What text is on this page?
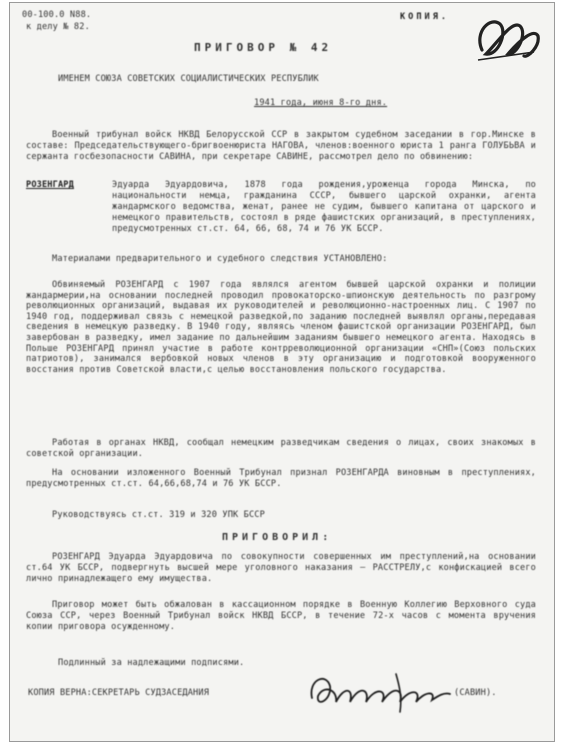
00-100.0 N88.
к делу № 82.
КОПИЯ.
ПРИГОВОР № 42
ИМЕНЕМ СОЮЗА СОВЕТСКИХ СОЦИАЛИСТИЧЕСКИХ РЕСПУБЛИК
1941 года, июня 8-го дня.
Военный трибунал войск НКВД Белорусской ССР в закрытом судебном заседании в гор.Минске в составе: Председательствующего-бригвоенюриста НАГОВА, членов:военного юриста 1 ранга ГОЛУБЬВА и сержанта госбезопасности САВИНА, при секретаре САВИНЕ, рассмотрел дело по обвинению:
РОЗЕНГАРД	Эдуарда Эдуардовича, 1878 года рождения,уроженца города Минска, по национальности немца, гражданина СССР, бывшего царской охранки, агента жандармского ведомства, женат, ранее не судим, бывшего капитана от царского и немецкого правительств, состоял в ряде фашистских организаций, в преступлениях, предусмотренных ст.ст. 64, 66, 68, 74 и 76 УК БССР.
Материалами предварительного и судебного следствия УСТАНОВЛЕНО:
Обвиняемый РОЗЕНГАРД с 1907 года являлся агентом бывшей царской охранки и полиции жандармерии,на основании последней проводил провокаторско-шпионскую деятельность по разгрому революционных организаций, выдавая их руководителей и революционно-настроенных лиц. С 1907 по 1940 год, поддерживал связь с немецкой разведкой,по заданию последней выявлял органы,передавая сведения в немецкую разведку. В 1940 году, являясь членом фашистской организации РОЗЕНГАРД, был завербован в разведку, имел задание по дальнейшим заданиям бывшего немецкого агента. Находясь в Польше РОЗЕНГАРД принял участие в работе контрреволюционной организации «СНП»(Союз польских патриотов), занимался вербовкой новых членов в эту организацию и подготовкой вооруженного восстания против Советской власти,с целью восстановления польского государства.
Работая в органах НКВД, сообщал немецким разведчикам сведения о лицах, своих знакомых в советской организации.
На основании изложенного Военный Трибунал признал РОЗЕНГАРДА виновным в преступлениях, предусмотренных ст.ст. 64,66,68,74 и 76 УК БССР.
Руководствуясь ст.ст. 319 и 320 УПК БССР
ПРИГОВОРИЛ:
РОЗЕНГАРД Эдуарда Эдуардовича по совокупности совершенных им преступлений,на основании ст.64 УК БССР, подвергнуть высшей мере уголовного наказания — РАССТРЕЛУ,с конфискацией всего лично принадлежащего ему имущества.
Приговор может быть обжалован в кассационном порядке в Военную Коллегию Верховного суда Союза ССР, через Военный Трибунал войск НКВД БССР, в течение 72-х часов с момента вручения копии приговора осужденному.
Подлинный за надлежащими подписями.
КОПИЯ ВЕРНА:СЕКРЕТАРЬ СУДЗАСЕДАНИЯ	(САВИН).
